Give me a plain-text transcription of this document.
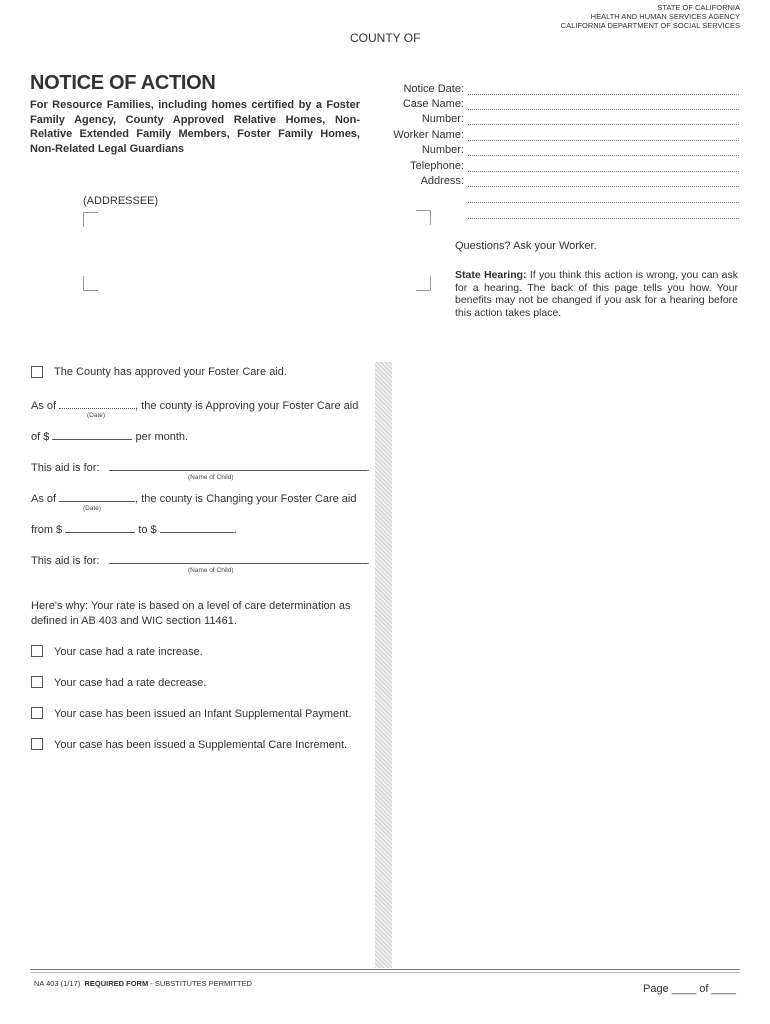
COUNTY OF
STATE OF CALIFORNIA
HEALTH AND HUMAN SERVICES AGENCY
CALIFORNIA DEPARTMENT OF SOCIAL SERVICES
NOTICE OF ACTION
For Resource Families, including homes certified by a Foster Family Agency, County Approved Relative Homes, Non-Relative Extended Family Members, Foster Family Homes, Non-Related Legal Guardians
Notice Date:
Case Name:
Number:
Worker Name:
Number:
Telephone:
Address:
(ADDRESSEE)
Questions? Ask your Worker.
State Hearing: If you think this action is wrong, you can ask for a hearing. The back of this page tells you how. Your benefits may not be changed if you ask for a hearing before this action takes place.
The County has approved your Foster Care aid.
As of	, the county is Approving your Foster Care aid
(Date)
of $	per month.
This aid is for:	.
(Name of Child)
As of	, the county is Changing your Foster Care aid
(Date)
from $	to $	.
This aid is for:	.
(Name of Child)
Here's why: Your rate is based on a level of care determination as
defined in AB 403 and WIC section 11461.
Your case had a rate increase.
Your case had a rate decrease.
Your case has been issued an Infant Supplemental Payment.
Your case has been issued a Supplemental Care Increment.
NA 403 (1/17) REQUIRED FORM - SUBSTITUTES PERMITTED	Page ____ of ____
